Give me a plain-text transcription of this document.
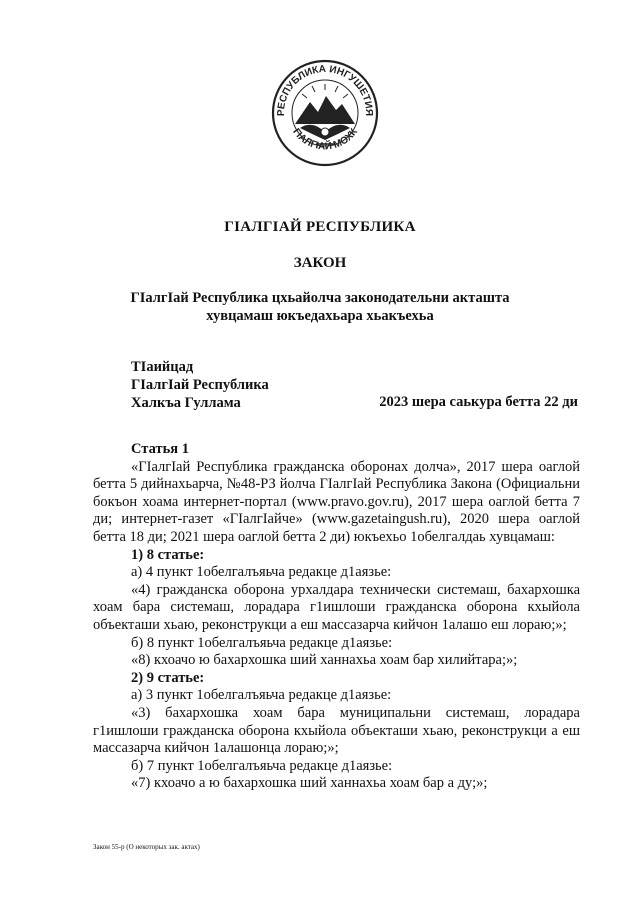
РЕСПУБЛИКА ИНГУШЕТИЯ
ГIАЛГIАЙ МОХК
ГIАЛГIАЙ РЕСПУБЛИКА
ЗАКОН
ГIалгIай Республика цхьайолча законодательни акташта
хувцамаш юкъедахьара хьакъехьа
ТIаийцад
ГIалгIай Республика
Халкъа Гуллама	2023 шера саькура бетта 22 ди

Статья 1

«ГIалгIай Республика гражданска оборонах долча», 2017 шера оаглой бетта 5 дийнахьарча, №48-РЗ йолча ГIалгIай Республика Закона (Официальни бокъон хоама интернет-портал (www.pravo.gov.ru), 2017 шера оаглой бетта 7 ди; интернет-газет «ГIалгIайче» (www.gazetaingush.ru), 2020 шера оаглой бетта 18 ди; 2021 шера оаглой бетта 2 ди) юкъехьо 1обелгалдаь хувцамаш:

1) 8 статье:

а) 4 пункт 1обелгалъяьча редакце д1аязье:

«4) гражданска оборона урхалдара технически системаш, бахархошка хоам бара системаш, лорадара г1ишлоши гражданска оборона кхыйола объекташи хьаю, реконструкци а еш массазарча кийчон 1алашо еш лораю;»;

б) 8 пункт 1обелгалъяьча редакце д1аязье:

«8) кхоачо ю бахархошка ший ханнахьа хоам бар хилийтара;»;

2) 9 статье:

а) 3 пункт 1обелгалъяьча редакце д1аязье:

«3) бахархошка хоам бара муниципальни системаш, лорадара г1ишлоши гражданска оборона кхыйола объекташи хьаю, реконструкци а еш массазарча кийчон 1алашонца лораю;»;

б) 7 пункт 1обелгалъяьча редакце д1аязье:

«7) кхоачо а ю бахархошка ший ханнахьа хоам бар а ду;»;

Закон 55-р (О некоторых зак. актах)
